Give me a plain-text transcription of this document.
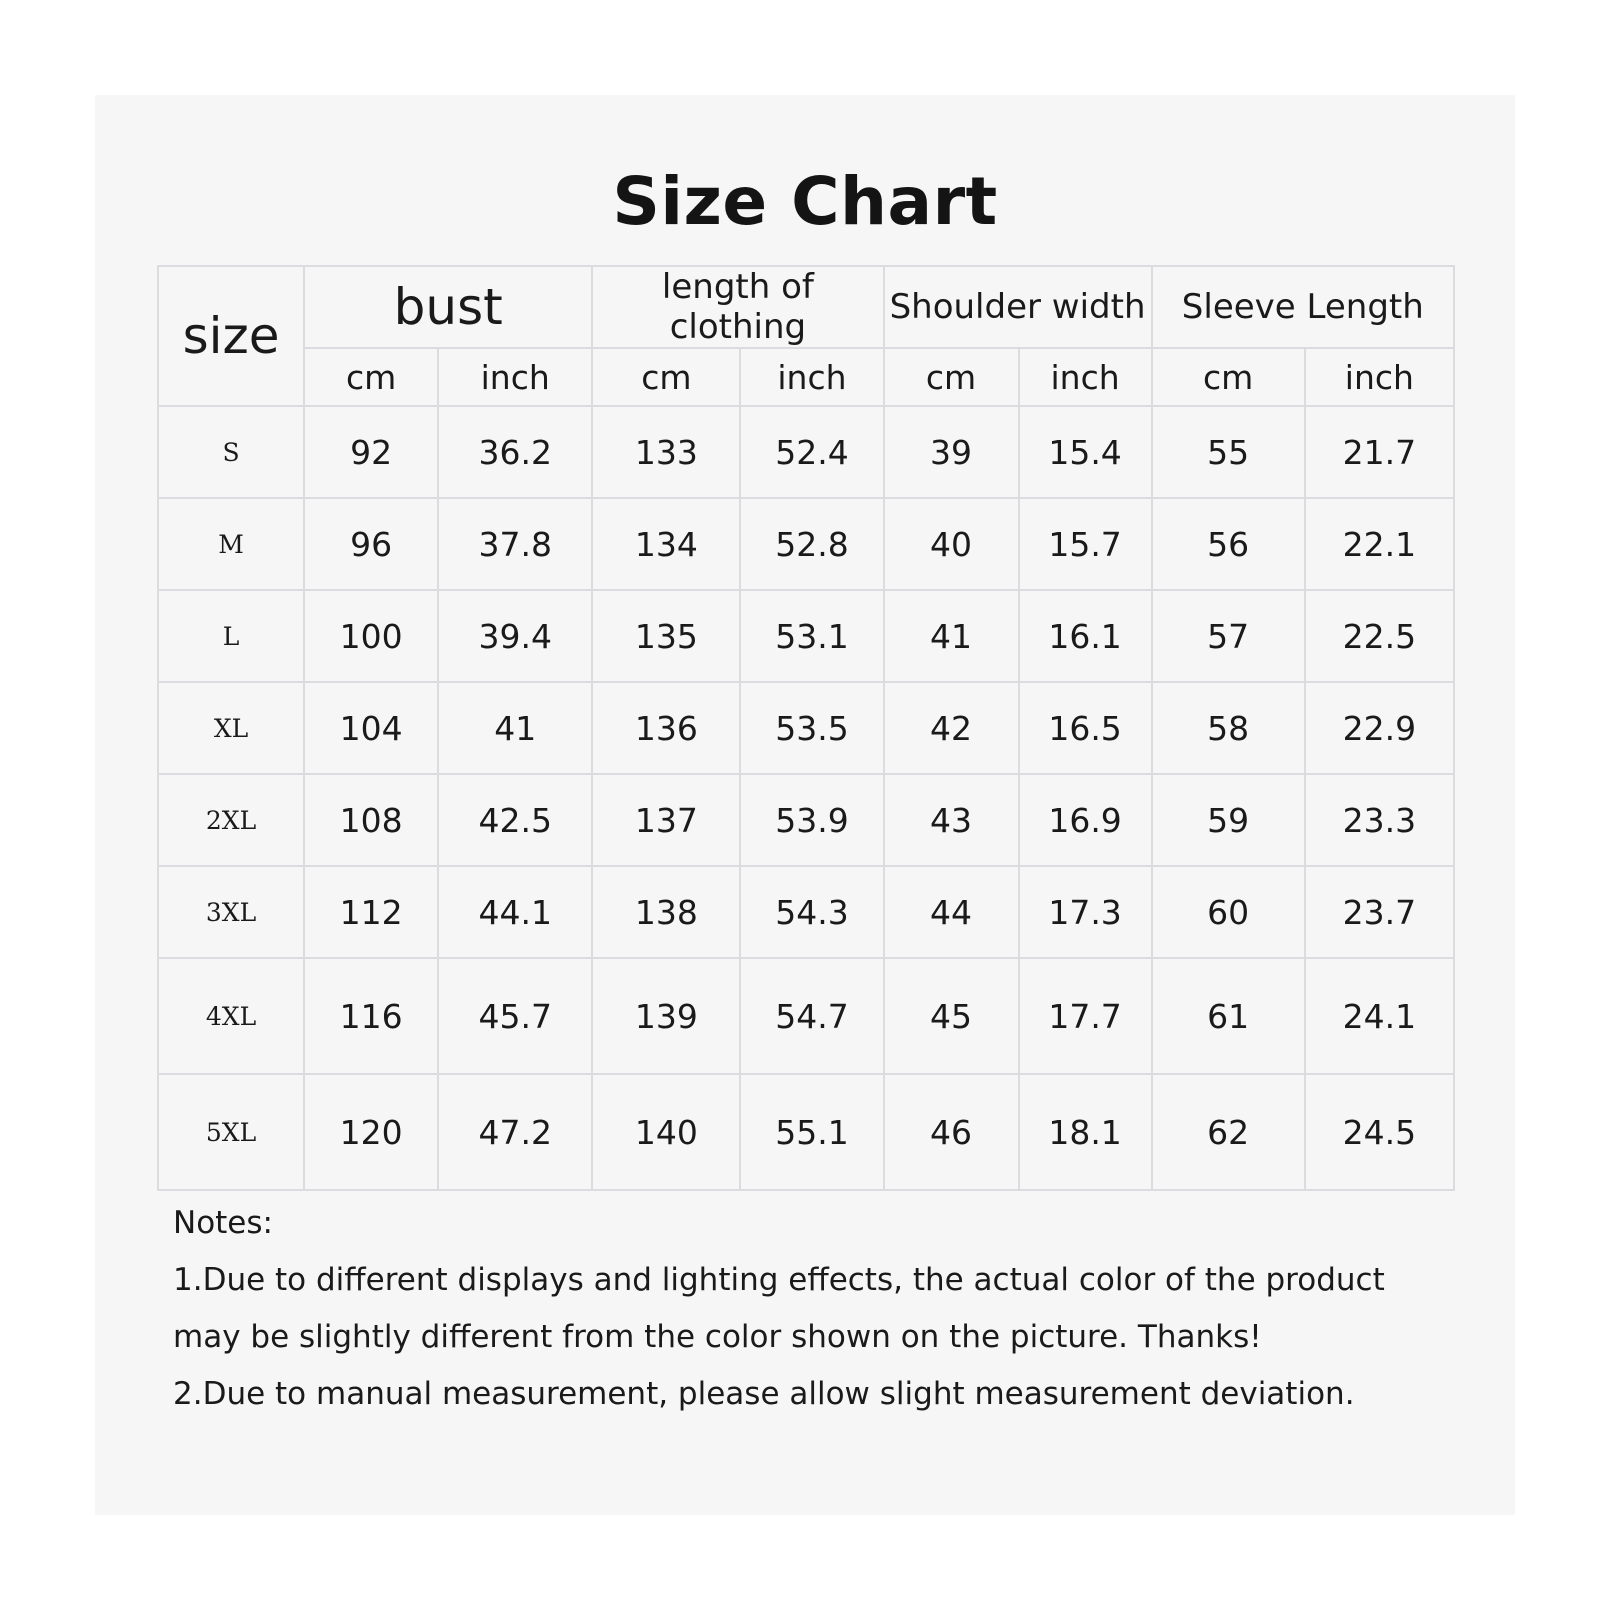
Size Chart
size	bust		length of clothing		Shoulder width		Sleeve Length	
	cm	inch	cm	inch	cm	inch	cm	inch
S	92	36.2	133	52.4	39	15.4	55	21.7
M	96	37.8	134	52.8	40	15.7	56	22.1
L	100	39.4	135	53.1	41	16.1	57	22.5
XL	104	41	136	53.5	42	16.5	58	22.9
2XL	108	42.5	137	53.9	43	16.9	59	23.3
3XL	112	44.1	138	54.3	44	17.3	60	23.7
4XL	116	45.7	139	54.7	45	17.7	61	24.1
5XL	120	47.2	140	55.1	46	18.1	62	24.5
Notes:
1.Due to different displays and lighting effects, the actual color of the product may be slightly different from the color shown on the picture. Thanks!
2.Due to manual measurement, please allow slight measurement deviation.
